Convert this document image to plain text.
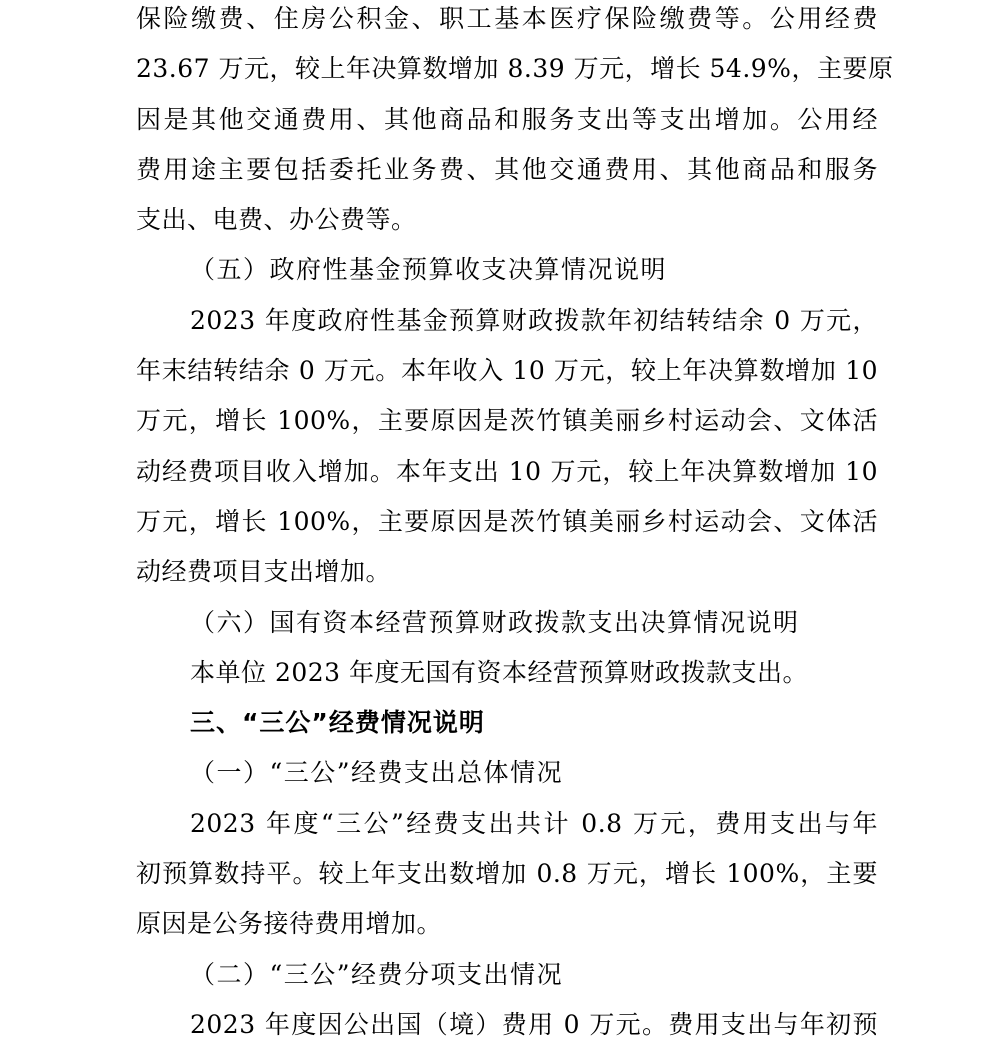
保险缴费、住房公积金、职工基本医疗保险缴费等。公用经费
23.67 万元，较上年决算数增加 8.39 万元，增长 54.9%，主要原
因是其他交通费用、其他商品和服务支出等支出增加。公用经
费用途主要包括委托业务费、其他交通费用、其他商品和服务
支出、电费、办公费等。
（五）政府性基金预算收支决算情况说明
2023 年度政府性基金预算财政拨款年初结转结余 0 万元，
年末结转结余 0 万元。本年收入 10 万元，较上年决算数增加 10
万元，增长 100%，主要原因是茨竹镇美丽乡村运动会、文体活
动经费项目收入增加。本年支出 10 万元，较上年决算数增加 10
万元，增长 100%，主要原因是茨竹镇美丽乡村运动会、文体活
动经费项目支出增加。
（六）国有资本经营预算财政拨款支出决算情况说明
本单位 2023 年度无国有资本经营预算财政拨款支出。
三、“三公”经费情况说明
（一）“三公”经费支出总体情况
2023 年度“三公”经费支出共计 0.8 万元，费用支出与年
初预算数持平。较上年支出数增加 0.8 万元，增长 100%，主要
原因是公务接待费用增加。
（二）“三公”经费分项支出情况
2023 年度因公出国（境）费用 0 万元。费用支出与年初预
